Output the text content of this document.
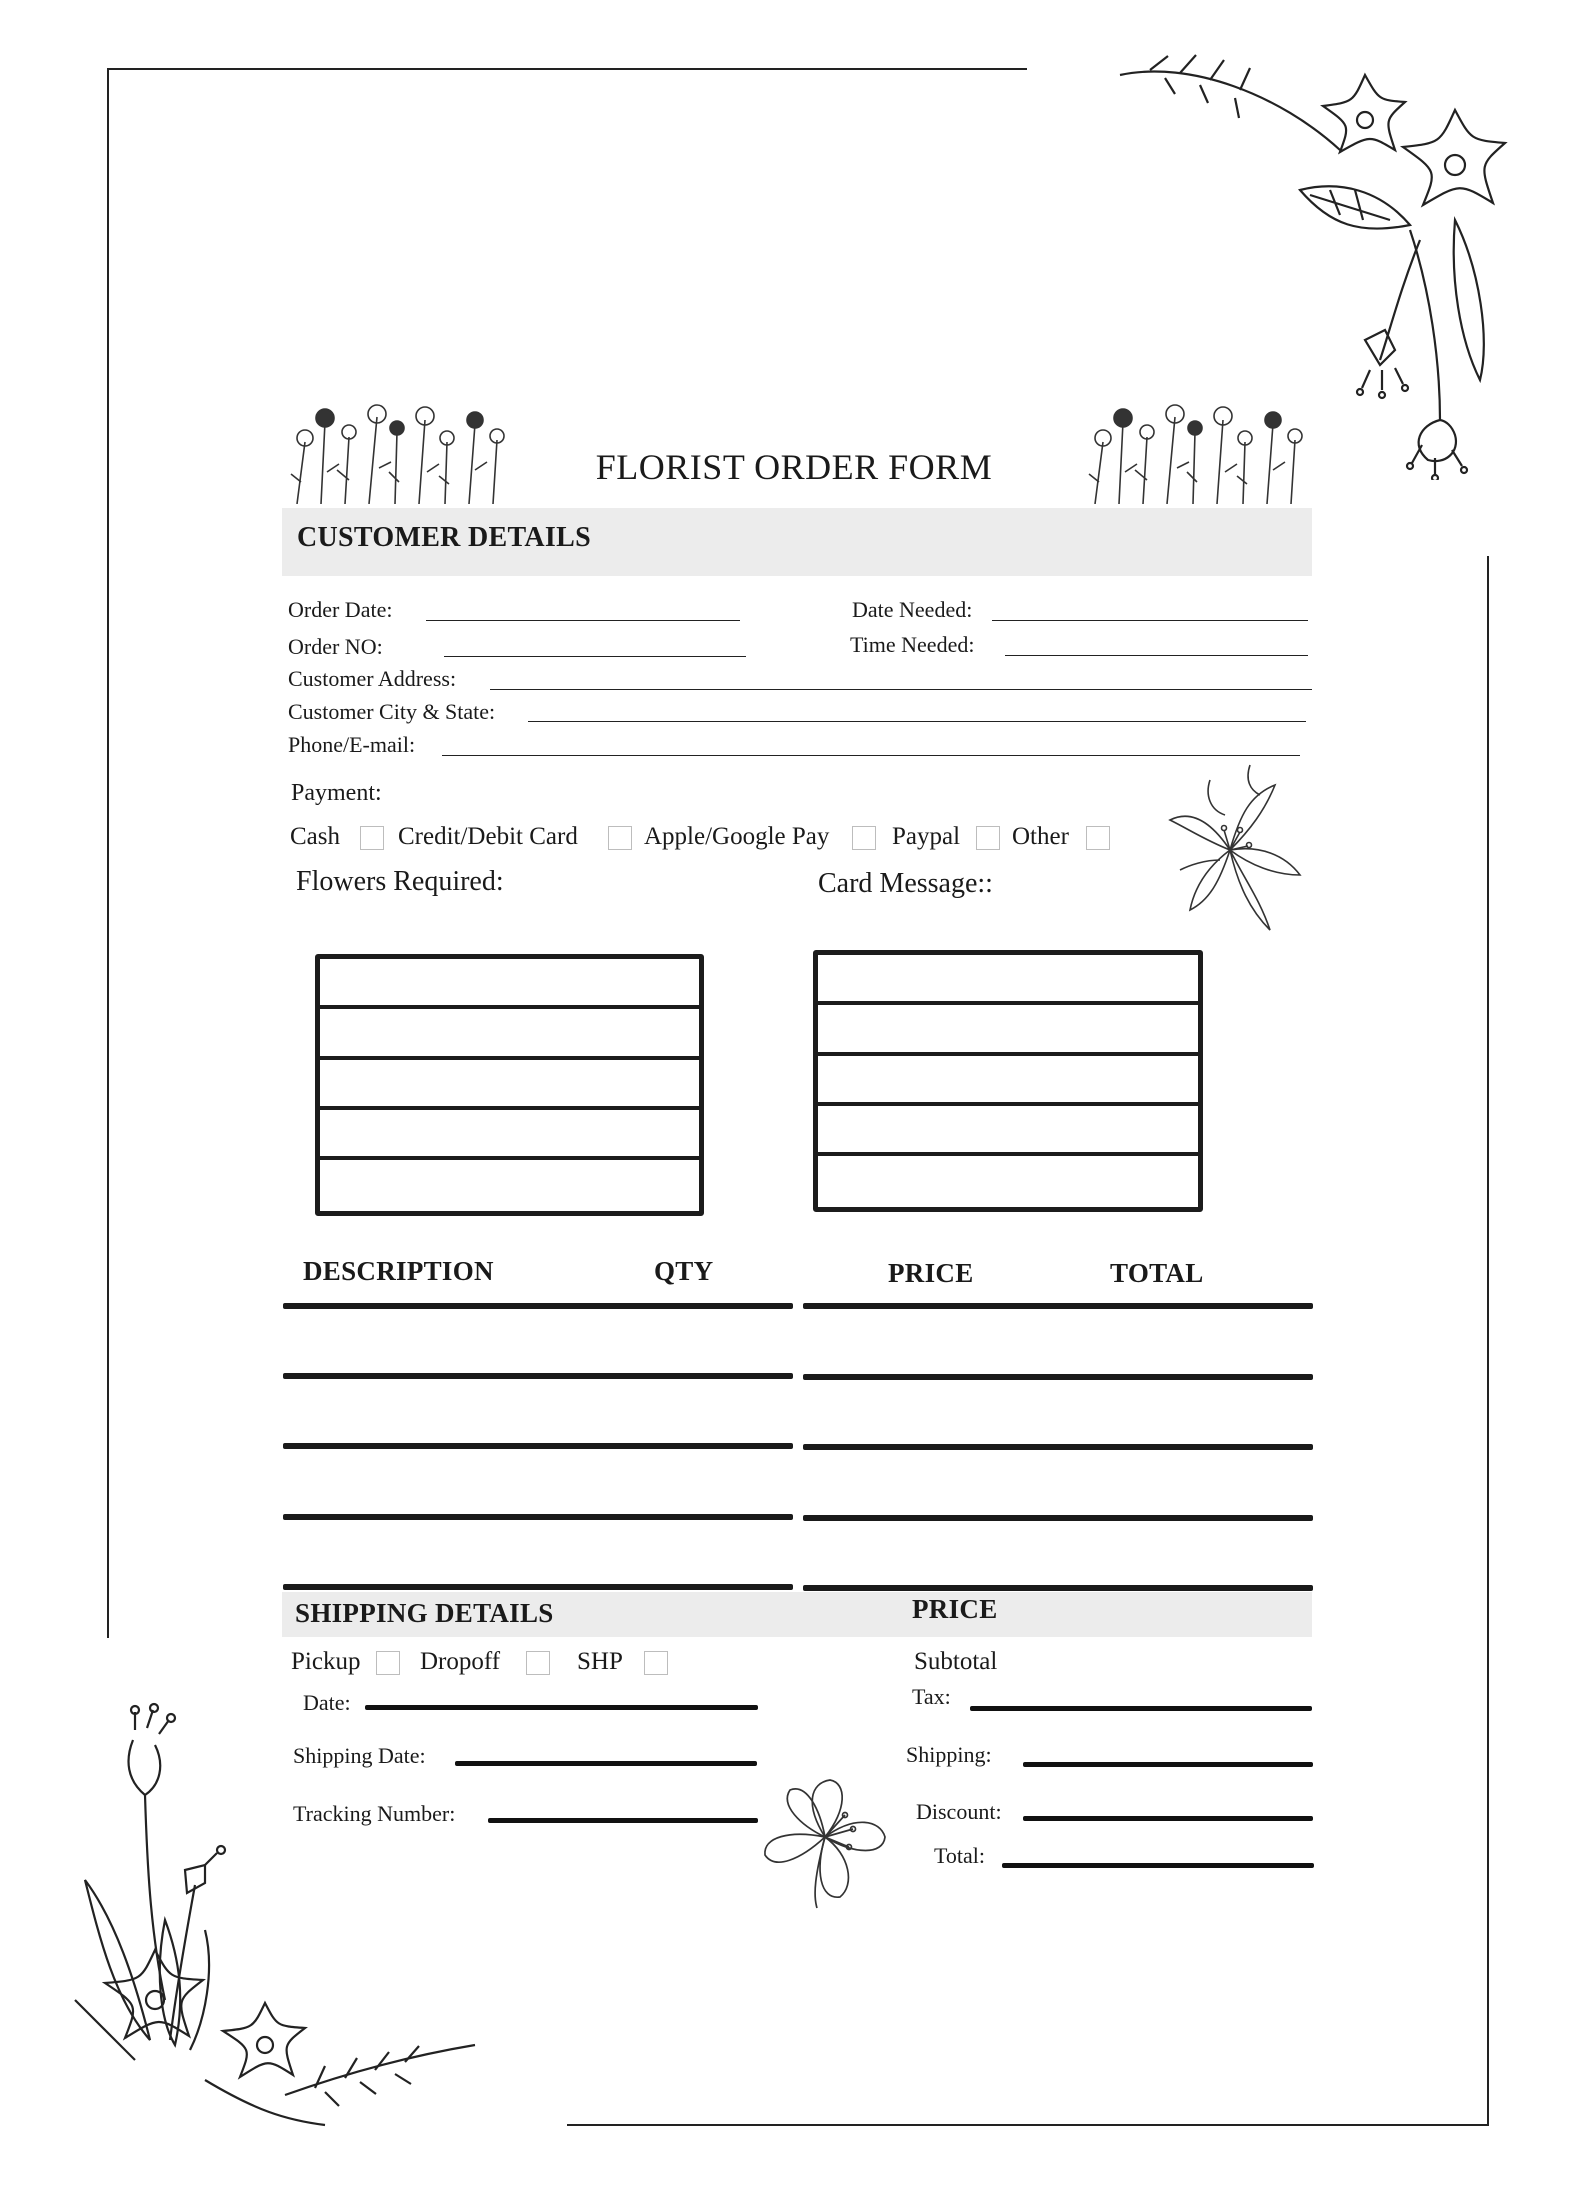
FLORIST ORDER FORM
CUSTOMER DETAILS
Order Date:	Date Needed:
Order NO:	Time Needed:
Customer Address:
Customer City & State:
Phone/E-mail:
Payment:
Cash Credit/Debit Card	Apple/Google Pay	Paypal Other
Flowers Required:	Card Message::
DESCRIPTION	QTY	PRICE	TOTAL
SHIPPING DETAILS	PRICE
Pickup Dropoff	SHP
Date:
Shipping Date:
Tracking Number:
Subtotal
Tax:
Shipping:
Discount:
Total:
